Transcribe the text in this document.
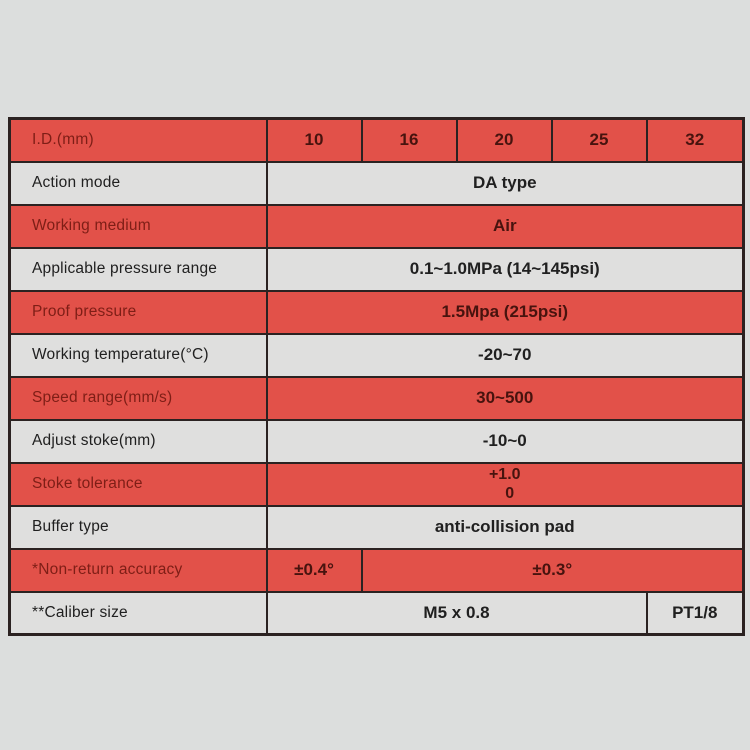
I.D.(mm)	10	16	20	25	32
Action mode	DA type				
Working medium	Air				
Applicable pressure range	0.1~1.0MPa (14~145psi)				
Proof pressure	1.5Mpa (215psi)				
Working temperature(°C)	-20~70				
Speed range(mm/s)	30~500				
Adjust stoke(mm)	-10~0				
Stoke tolerance	+1.0
0				

Buffer type	anti-collision pad				
*Non-return accuracy	±0.4°	±0.3°			
**Caliber size	M5 x 0.8				PT1/8
